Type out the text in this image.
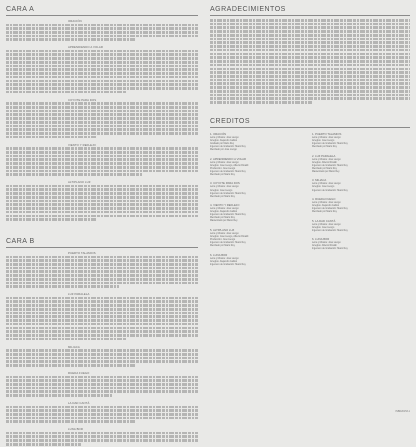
CARA A
ORACIÓN
APRENDIENDO A VOLAR
COYOTE PARA DOS
VIENTO Y REFLEJO
ALTIPLANO LUZ
CARA B
PUERTO TALAMIOS
LUZ PARALELA
MILIACA
RUEDA FUEGO
LA DAD CANTÁ
LUNA BOR
AGRADECIMIENTOS
CREDITOS
1. ORACIÓN
Letra y Música: José Liengo
Arreglos: Alejandro Guillén
Grabado por Mario Rey
Ingeniero de Grabación: Mario Rey
Mezclado por José Liengo
2. APRENDIENDO A VOLAR
Letra y Música: José Liengo
Arreglos: José Liengo, Alberto Rinaldi
Producción: José Liengo
Ingeniero de Grabación: Mario Rey
Mezclado por Mario Rey
3. COYOTE PARA DOS
Letra y Música: José Liengo
Arreglos: José Liengo
Ingeniero de Grabación: Mario Rey
Mezclado por Mario Rey
4. VIENTO Y REFLEJO
Letra y Música: José Liengo
Arreglos: Alejandro Guillén
Ingeniero de Grabación: Mario Rey
Mezclado por Mario Rey
Masterizado por Mario Rey
5. ALTIPLANO LUZ
Letra y Música: José Liengo
Arreglos: José Liengo, Alberto Rinaldi
Producción: José Liengo
Ingeniero de Grabación: Mario Rey
Mezclado por Mario Rey
6. LUNA BOR
Letra y Música: José Liengo
Arreglos: Alejandro Guillén
Ingeniero de Grabación: Mario Rey
1. PUERTO TALAMIOS
Letra y Música: José Liengo
Arreglos: José Liengo
Ingeniero de Grabación: Mario Rey
Mezclado por Mario Rey
2. LUZ PARALELA
Letra y Música: José Liengo
Arreglos: Alberto Rinaldi
Ingeniero de Grabación: Mario Rey
Mezclado por Mario Rey
Masterizado por Mario Rey
3. MILIACA
Letra y Música: José Liengo
Arreglos: José Liengo
Ingeniero de Grabación: Mario Rey
4. RUEDA FUEGO
Letra y Música: José Liengo
Arreglos: Alejandro Guillén
Ingeniero de Grabación: Mario Rey
Mezclado por Mario Rey
5. LA DAD CANTÁ
Letra y Música: José Liengo
Arreglos: José Liengo
Ingeniero de Grabación: Mario Rey
6. LUNA BOR
Letra y Música: José Liengo
Arreglos: Alberto Rinaldi
Ingeniero de Grabación: Mario Rey
INBD20153-1
